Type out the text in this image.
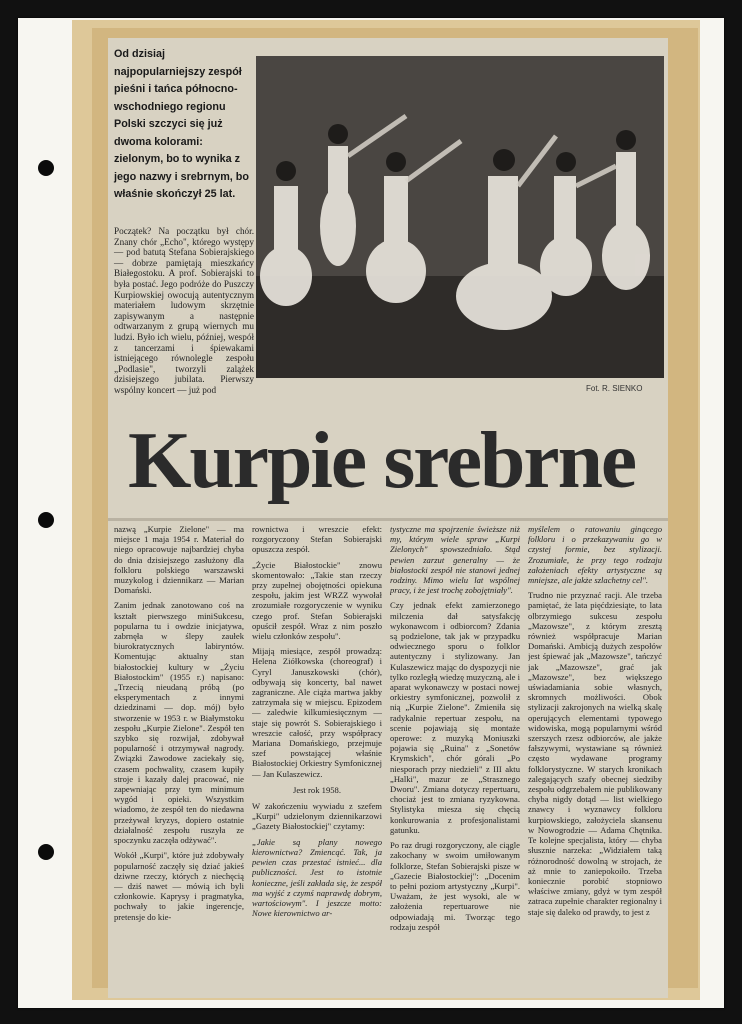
Od dzisiaj najpopularniejszy zespół pieśni i tańca północno-wschodniego regionu Polski szczyci się już dwoma kolorami: zielonym, bo to wynika z jego nazwy i srebrnym, bo właśnie skończył 25 lat.
Początek? Na początku był chór. Znany chór „Echo", którego występy — pod batutą Stefana Sobierajskiego — dobrze pamiętają mieszkańcy Białegostoku. A prof. Sobierajski to była postać. Jego podróże do Puszczy Kurpiowskiej owocują autentycznym materiałem ludowym skrzętnie zapisywanym a następnie odtwarzanym z grupą wiernych mu ludzi. Było ich wielu, później, wespół z tancerzami i śpiewakami istniejącego równolegle zespołu „Podlasie", tworzyli zalążek dzisiejszego jubilata. Pierwszy wspólny koncert — już pod	Fot. R. SIENKO
Kurpie srebrne

nazwą „Kurpie Zielone" — ma miejsce 1 maja 1954 r. Materiał do niego opracowuje najbardziej chyba do dnia dzisiejszego zasłużony dla folkloru polskiego warszawski muzykolog i dziennikarz — Marian Domański.

Zanim jednak zanotowano coś na kształt pierwszego miniSukcesu, popularna tu i owdzie inicjatywa, zabrnęła w ślepy zaułek biurokratycznych labiryntów. Komentując aktualny stan białostockiej kultury w „Życiu Białostockim" (1955 r.) napisano: „Trzecią nieudaną próbą (po eksperymentach z innymi dziedzinami — dop. mój) było stworzenie w 1953 r. w Białymstoku zespołu „Kurpie Zielone". Zespół ten szybko się rozwijał, zdobywał popularność i otrzymywał nagrody. Związki Zawodowe zaciekały się, czasem pochwality, czasem kupiły stroje i kazały dalej pracować, nie zapewniając przy tym minimum wygód i opieki. Wszystkim wiadomo, że zespół ten do niedawna przeżywał kryzys, dopiero ostatnie działalność zespołu ruszyła ze spoczynku zaczęła odżywać".

Wokół „Kurpi", które już zdobywały popularność zaczęły się dziać jakieś dziwne rzeczy, których z niechęcią — dziś nawet — mówią ich byli członkowie. Kaprysy i pragmatyka, pochwały to jakie ingerencje, pretensje do kie-

rownictwa i wreszcie efekt: rozgoryczony Stefan Sobierajski opuszcza zespół.

„Życie Białostockie" znowu skomentowało: „Takie stan rzeczy przy zupełnej obojętności opiekuna zespołu, jakim jest WRZZ wywołał zrozumiałe rozgoryczenie w wyniku czego prof. Stefan Sobierajski opuścił zespół. Wraz z nim poszło wielu członków zespołu".

Mijają miesiące, zespół prowadzą: Helena Ziółkowska (choreograf) i Cyryl Januszkowski (chór), odbywają się koncerty, bal nawet zagraniczne. Ale ciąża martwa jakby zatrzymała się w miejscu. Epizodem — zaledwie kilkumiesięcznym — staje się powrót S. Sobierajskiego i wreszcie całość, przy współpracy Mariana Domańskiego, przejmuje szef powstającej właśnie Białostockiej Orkiestry Symfonicznej — Jan Kulaszewicz.

Jest rok 1958.

W zakończeniu wywiadu z szefem „Kurpi" udzielonym dziennikarzowi „Gazety Białostockiej" czytamy:

„Jakie są plany nowego kierownictwa? Zmiencąć. Tak, ja pewien czas przestać istnieć... dla publiczności. Jest to istotnie konieczne, jeśli zakłada się, że zespół ma wyjść z czymś naprawdę dobrym, wartościowym". I jeszcze motto: Nowe kierownictwo ar-

tystyczne ma spojrzenie świeższe niż my, którym wiele spraw „Kurpi Zielonych" spowszedniało. Stąd pewien zarzut generalny — że białostocki zespół nie stanowi jednej rodziny. Mimo wielu lat wspólnej pracy, i że jest trochę zobojętniały".

Czy jednak efekt zamierzonego milczenia dał satysfakcję wykonawcom i odbiorcom? Zdania są podzielone, tak jak w przypadku odwiecznego sporu o folklor autentyczny i stylizowany. Jan Kulaszewicz mając do dyspozycji nie tylko rozległą wiedzę muzyczną, ale i aparat wykonawczy w postaci nowej orkiestry symfonicznej, pozwolił z nią „Kurpie Zielone". Zmieniła się radykalnie repertuar zespołu, na scenie pojawiają się montaże operowe: z muzyką Moniuszki pojawia się „Ruina" z „Sonetów Krymskich", chór górali „Po niesporach przy niedzieli" z III aktu „Halki", mazur ze „Strasznego Dworu". Zmiana dotyczy repertuaru, chociaż jest to zmiana ryzykowna. Stylistyka miesza się chęcią konkurowania z profesjonalistami gatunku.

Po raz drugi rozgoryczony, ale ciągle zakochany w swoim umiłowanym folklorze, Stefan Sobierajski pisze w „Gazecie Białostockiej": „Docenim to pełni poziom artystyczny „Kurpi". Uważam, że jest wysoki, ale w założenia repertuarowe nie odpowiadają mi. Tworząc tego rodzaju zespół

myślelem o ratowaniu ginącego folkloru i o przekazywaniu go w czystej formie, bez stylizacji. Zrozumiałe, że przy tego rodzaju założeniach efekty artystyczne są mniejsze, ale jakże szlachetny cel".

Trudno nie przyznać racji. Ale trzeba pamiętać, że lata pięćdziesiąte, to lata olbrzymiego sukcesu zespołu „Mazowsze", z którym zresztą również współpracuje Marian Domański. Ambicją dużych zespołów jest śpiewać jak „Mazowsze", tańczyć jak „Mazowsze", grać jak „Mazowsze", bez większego uświadamiania sobie własnych, skromnych możliwości. Obok stylizacji zakrojonych na wielką skalę operujących elementami typowego widowiska, mogą popularnymi wśród szerszych rzesz odbiorców, ale jakże fałszywymi, wystawiane są również często wydawane programy folklorystyczne. W starych kronikach zalegających szafy obecnej siedziby zespołu odgrzebałem nie publikowany chyba nigdy dotąd — list wielkiego znawcy i wyznawcy folkloru kurpiowskiego, założyciela skansenu w Nowogrodzie — Adama Chętnika. Te kolejne specjalista, który — chyba słusznie narzeka: „Widziałem taką różnorodność dowolną w strojach, że aż mnie to zaniepokoiło. Trzeba koniecznie porobić stopniowo właściwe zmiany, gdyż w tym zespół zatraca zupełnie charakter regionalny i staje się daleko od prawdy, to jest z
